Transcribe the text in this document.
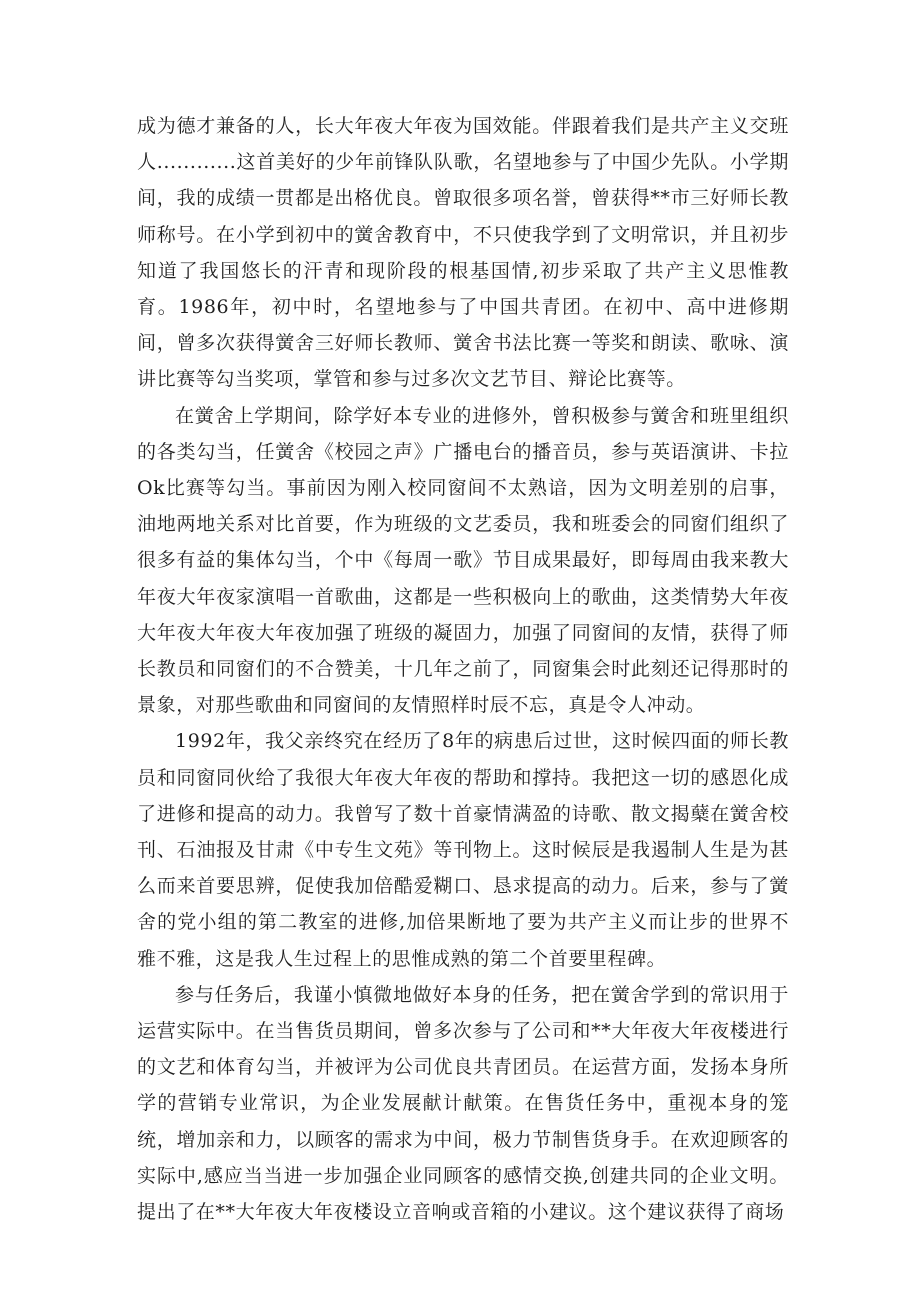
成为德才兼备的人，长大年夜大年夜为国效能。伴跟着我们是共产主义交班人............这首美好的少年前锋队队歌，名望地参与了中国少先队。小学期间，我的成绩一贯都是出格优良。曾取很多项名誉，曾获得**市三好师长教师称号。在小学到初中的黉舍教育中，不只使我学到了文明常识，并且初步知道了我国悠长的汗青和现阶段的根基国情,初步采取了共产主义思惟教育。1986年，初中时，名望地参与了中国共青团。在初中、高中进修期间，曾多次获得黉舍三好师长教师、黉舍书法比赛一等奖和朗读、歌咏、演讲比赛等勾当奖项，掌管和参与过多次文艺节目、辩论比赛等。

在黉舍上学期间，除学好本专业的进修外，曾积极参与黉舍和班里组织的各类勾当，任黉舍《校园之声》广播电台的播音员，参与英语演讲、卡拉Ok比赛等勾当。事前因为刚入校同窗间不太熟谙，因为文明差别的启事，油地两地关系对比首要，作为班级的文艺委员，我和班委会的同窗们组织了很多有益的集体勾当，个中《每周一歌》节目成果最好，即每周由我来教大年夜大年夜家演唱一首歌曲，这都是一些积极向上的歌曲，这类情势大年夜大年夜大年夜大年夜加强了班级的凝固力，加强了同窗间的友情，获得了师长教员和同窗们的不合赞美，十几年之前了，同窗集会时此刻还记得那时的景象，对那些歌曲和同窗间的友情照样时辰不忘，真是令人冲动。

1992年，我父亲终究在经历了8年的病患后过世，这时候四面的师长教员和同窗同伙给了我很大年夜大年夜的帮助和撑持。我把这一切的感恩化成了进修和提高的动力。我曾写了数十首豪情满盈的诗歌、散文揭蘖在黉舍校刊、石油报及甘肃《中专生文苑》等刊物上。这时候辰是我遏制人生是为甚么而来首要思辨，促使我加倍酷爱糊口、恳求提高的动力。后来，参与了黉舍的党小组的第二教室的进修,加倍果断地了要为共产主义而让步的世界不雅不雅，这是我人生过程上的思惟成熟的第二个首要里程碑。

参与任务后，我谨小慎微地做好本身的任务，把在黉舍学到的常识用于运营实际中。在当售货员期间，曾多次参与了公司和**大年夜大年夜楼进行的文艺和体育勾当，并被评为公司优良共青团员。在运营方面，发扬本身所学的营销专业常识，为企业发展献计献策。在售货任务中，重视本身的笼统，增加亲和力，以顾客的需求为中间，极力节制售货身手。在欢迎顾客的实际中,感应当当进一步加强企业同顾客的感情交换,创建共同的企业文明。提出了在**大年夜大年夜楼设立音响或音箱的小建议。这个建议获得了商场
